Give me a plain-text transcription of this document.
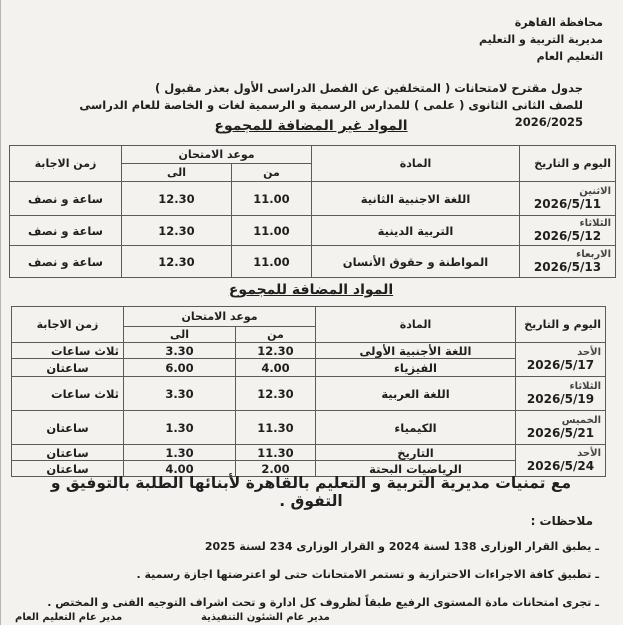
محافظة القاهرة
مديرية التربية و التعليم
التعليم العام
جدول مقترح لامتحانات ( المتخلفين عن الفصل الدراسى الأول بعذر مقبول )
للصف الثانى الثانوى ( علمى ) للمدارس الرسمية و الرسمية لغات و الخاصة للعام الدراسى 2026/2025
المواد غير المضافة للمجموع
اليوم و التاريخ	المادة	موعد الامتحان		زمن الاجابة
		من	الى	

الاثنين
2026/5/11	اللغة الاجنبية الثانية	11.00	12.30	ساعة و نصف

الثلاثاء
2026/5/12	التربية الدينية	11.00	12.30	ساعة و نصف

الاربعاء
2026/5/13	المواطنة و حقوق الأنسان	11.00	12.30	ساعة و نصف
المواد المضافة للمجموع
اليوم و التاريخ	المادة	موعد الامتحان		زمن الاجابة
		من	الى	

الأحد
2026/5/17	اللغة الأجنبية الأولى	12.30	3.30	ثلاث ساعات
	الفيزياء	4.00	6.00	ساعتان

الثلاثاء
2026/5/19	اللغة العربية	12.30	3.30	ثلاث ساعات

الخميس
2026/5/21	الكيمياء	11.30	1.30	ساعتان

الأحد
2026/5/24	التاريخ	11.30	1.30	ساعتان
	الرياضيات البحتة	2.00	4.00	ساعتان
مع تمنيات مديرية التربية و التعليم بالقاهرة لأبنائها الطلبة بالتوفيق و التفوق .
ملاحظات :
ـ يطبق القرار الوزارى 138 لسنة 2024 و القرار الوزارى 234 لسنة 2025
ـ تطبيق كافة الاجراءات الاحترازية و تستمر الامتحانات حتى لو اعترضتها اجازة رسمية .
ـ تجرى امتحانات مادة المستوى الرفيع طبقاً لظروف كل ادارة و تحت اشراف التوجيه الفنى و المختص .
مدير عام التعليم العام	مدير عام الشئون التنفيذية
